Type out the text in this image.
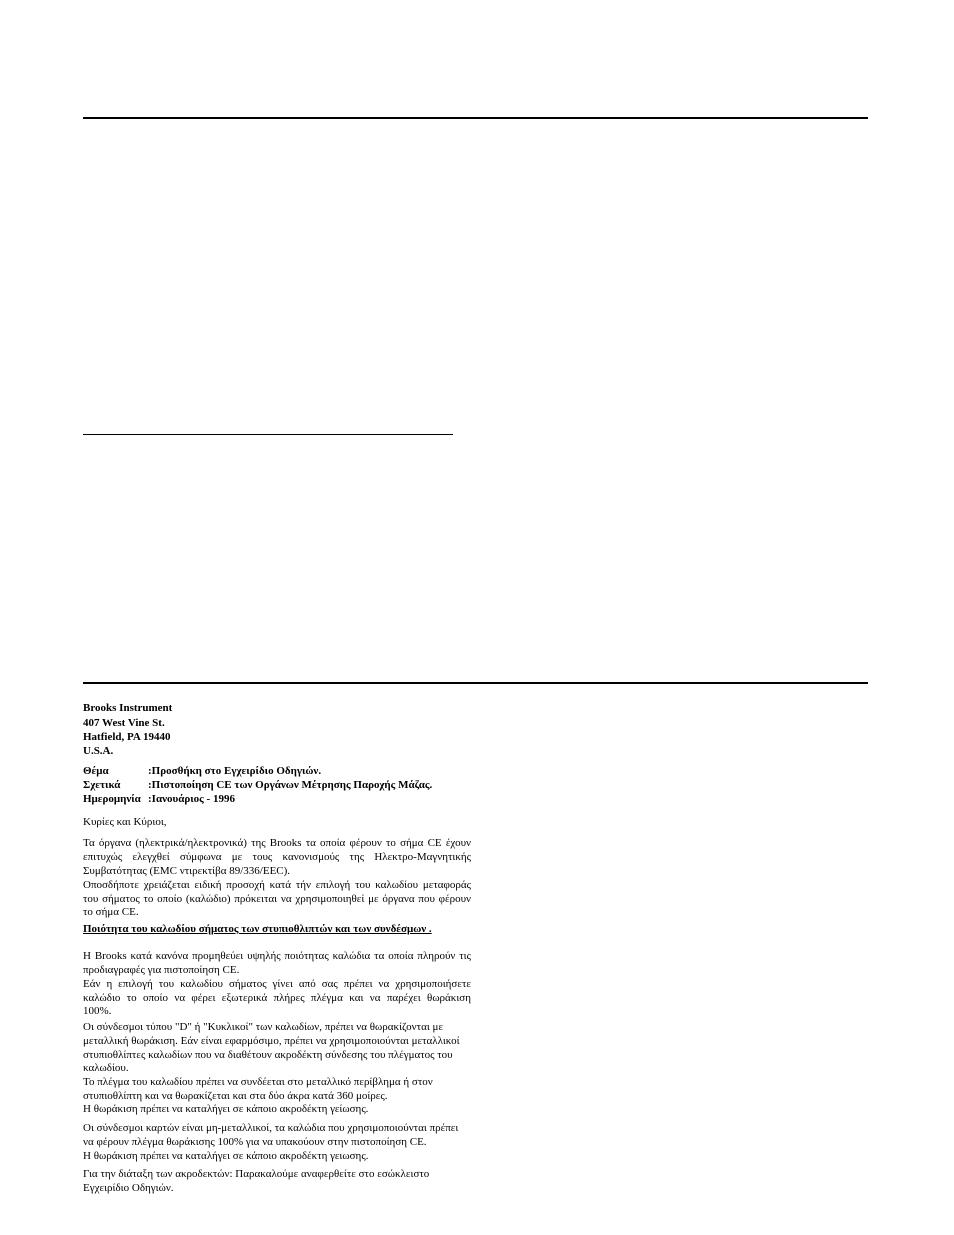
Brooks Instrument
407 West Vine St.
Hatfield, PA 19440
U.S.A.
Θέμα	:Προσθήκη στο Εγχειρίδιο Οδηγιών.
Σχετικά	:Πιστοποίηση CE των Οργάνων Μέτρησης Παροχής Μάζας.
Ημερομηνία :Ιανουάριος - 1996
Κυρίες και Κύριοι,
Τα όργανα (ηλεκτρικά/ηλεκτρονικά) της Brooks τα οποία φέρουν το σήμα CE έχουν
επιτυχώς ελεγχθεί σύμφωνα με τους κανονισμούς της Ηλεκτρο-Μαγνητικής
Συμβατότητας (EMC ντιρεκτίβα 89/336/EEC).
Οποσδήποτε χρειάζεται ειδική προσοχή κατά τήν επιλογή του καλωδίου μεταφοράς
του σήματος το οποίο (καλώδιο) πρόκειται να χρησιμοποιηθεί με όργανα που φέρουν
το σήμα CE.
Ποιότητα του καλωδίου σήματος των στυπιοθλιπτών και των συνδέσμων .
Η Brooks κατά κανόνα προμηθεύει υψηλής ποιότητας καλώδια τα οποία πληρούν τις
προδιαγραφές για πιστοποίηση CE.
Εάν η επιλογή του καλωδίου σήματος γίνει από σας πρέπει να χρησιμοποιήσετε
καλώδιο το οποίο να φέρει εξωτερικά πλήρες πλέγμα και να παρέχει θωράκιση
100%.
Οι σύνδεσμοι τύπου "D" ή "Κυκλικοί" των καλωδίων, πρέπει να θωρακίζονται με
μεταλλική θωράκιση. Εάν είναι εφαρμόσιμο, πρέπει να χρησιμοποιούνται μεταλλικοί
στυπιοθλίπτες καλωδίων που να διαθέτουν ακροδέκτη σύνδεσης του πλέγματος του
καλωδίου.
Το πλέγμα του καλωδίου πρέπει να συνδέεται στο μεταλλικό περίβλημα ή στον
στυπιοθλίπτη και να θωρακίζεται και στα δύο άκρα κατά 360 μοίρες.
Η θωράκιση πρέπει να καταλήγει σε κάποιο ακροδέκτη γείωσης.
Οι σύνδεσμοι καρτών είναι μη-μεταλλικοί, τα καλώδια που χρησιμοποιούνται πρέπει
να φέρουν πλέγμα θωράκισης 100% για να υπακούουν στην πιστοποίηση CE.
Η θωράκιση πρέπει να καταλήγει σε κάποιο ακροδέκτη γειωσης.
Για την διάταξη των ακροδεκτών: Παρακαλούμε αναφερθείτε στο εσώκλειστο
Εγχειρίδιο Οδηγιών.
